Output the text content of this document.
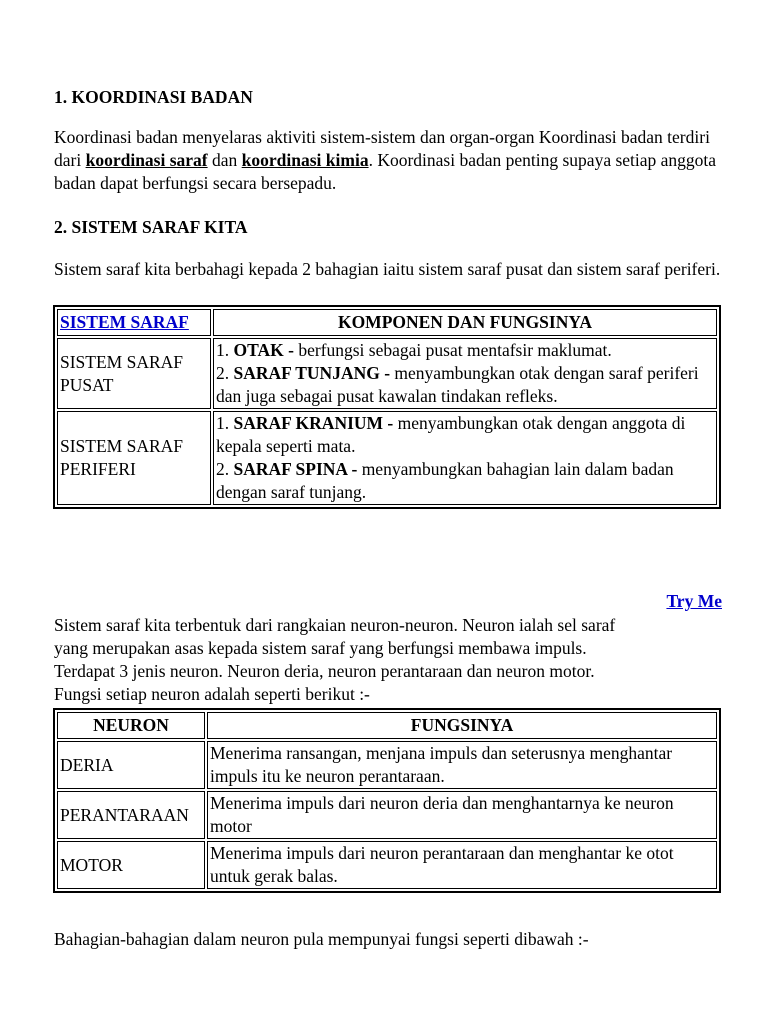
1. KOORDINASI BADAN

Koordinasi badan menyelaras aktiviti sistem-sistem dan organ-organ Koordinasi badan terdiri dari koordinasi saraf dan koordinasi kimia. Koordinasi badan penting supaya setiap anggota badan dapat berfungsi secara bersepadu.

2. SISTEM SARAF KITA

Sistem saraf kita berbahagi kepada 2 bahagian iaitu sistem saraf pusat dan sistem saraf periferi.

SISTEM SARAF	KOMPONEN DAN FUNGSINYA
SISTEM SARAF PUSAT	1. OTAK - berfungsi sebagai pusat mentafsir maklumat.
2. SARAF TUNJANG - menyambungkan otak dengan saraf periferi dan juga sebagai pusat kawalan tindakan refleks.

SISTEM SARAF PERIFERI	1. SARAF KRANIUM - menyambungkan otak dengan anggota di kepala seperti mata.
2. SARAF SPINA - menyambungkan bahagian lain dalam badan dengan saraf tunjang.
Try Me
Sistem saraf kita terbentuk dari rangkaian neuron-neuron. Neuron ialah sel saraf
yang merupakan asas kepada sistem saraf yang berfungsi membawa impuls.
Terdapat 3 jenis neuron. Neuron deria, neuron perantaraan dan neuron motor.
Fungsi setiap neuron adalah seperti berikut :-
NEURON	FUNGSINYA
DERIA	Menerima ransangan, menjana impuls dan seterusnya menghantar impuls itu ke neuron perantaraan.
PERANTARAAN	Menerima impuls dari neuron deria dan menghantarnya ke neuron motor
MOTOR	Menerima impuls dari neuron perantaraan dan menghantar ke otot untuk gerak balas.

Bahagian-bahagian dalam neuron pula mempunyai fungsi seperti dibawah :-
